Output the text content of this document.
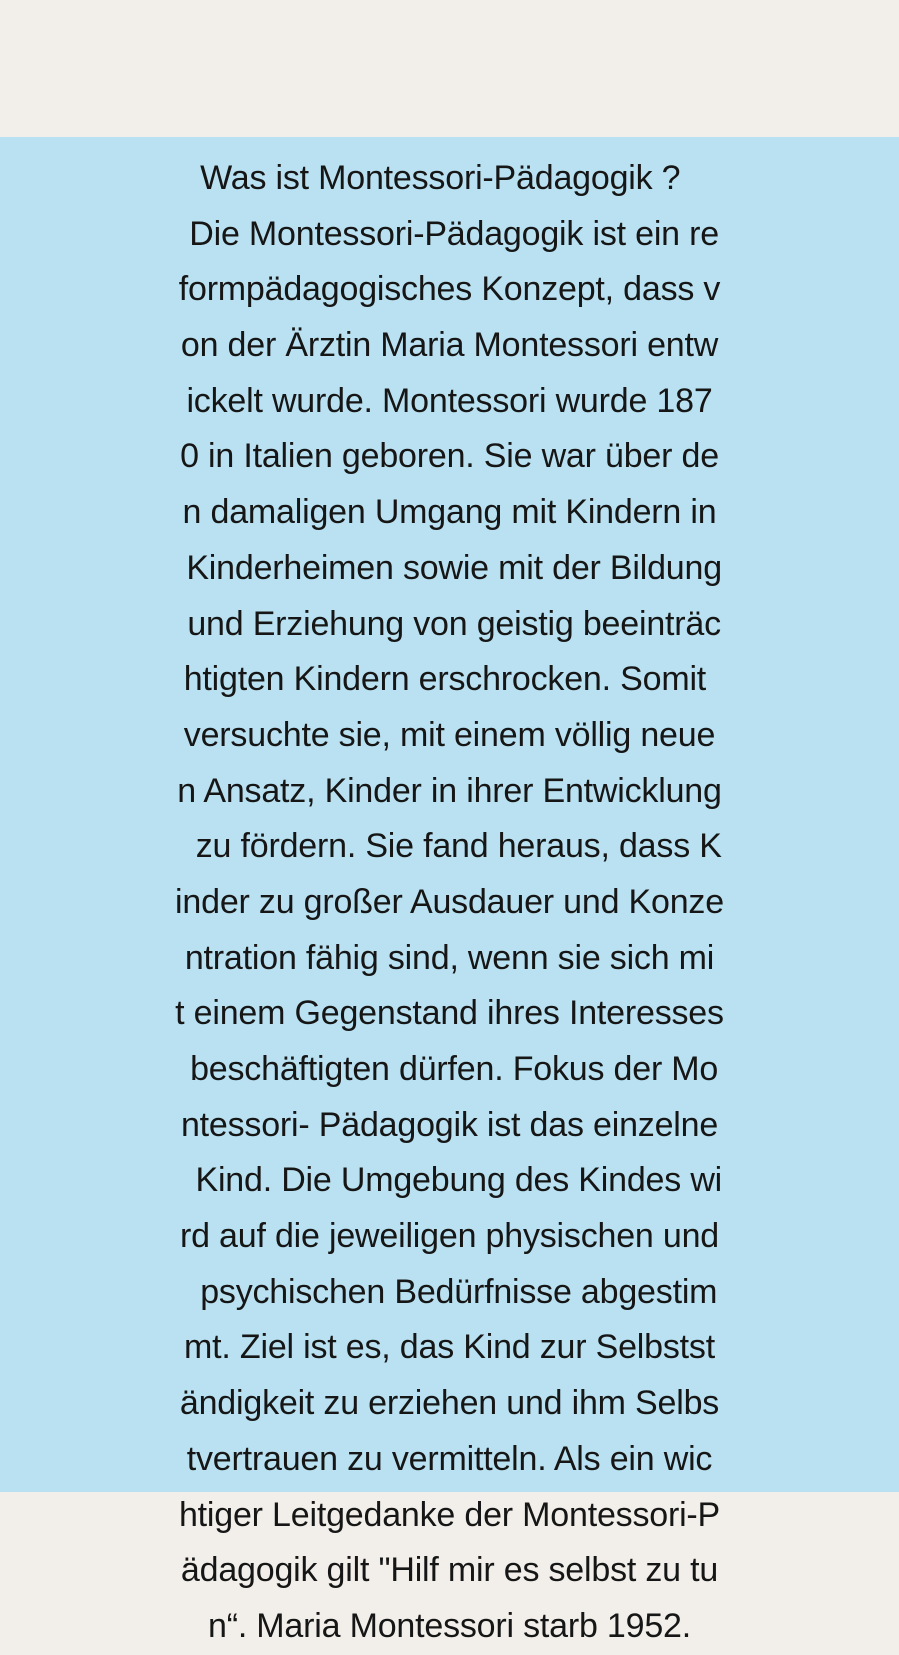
Was ist Montessori-Pädagogik ?
Die Montessori-Pädagogik ist ein re
formpädagogisches Konzept, dass v
on der Ärztin Maria Montessori entw
ickelt wurde. Montessori wurde 187
0 in Italien geboren. Sie war über de
n damaligen Umgang mit Kindern in
Kinderheimen sowie mit der Bildung
und Erziehung von geistig beeinträc
htigten Kindern erschrocken. Somit
versuchte sie, mit einem völlig neue
n Ansatz, Kinder in ihrer Entwicklung
zu fördern. Sie fand heraus, dass K
inder zu großer Ausdauer und Konze
ntration fähig sind, wenn sie sich mi
t einem Gegenstand ihres Interesses
beschäftigten dürfen. Fokus der Mo
ntessori- Pädagogik ist das einzelne
Kind. Die Umgebung des Kindes wi
rd auf die jeweiligen physischen und
psychischen Bedürfnisse abgestim
mt. Ziel ist es, das Kind zur Selbstst
ändigkeit zu erziehen und ihm Selbs
tvertrauen zu vermitteln. Als ein wic
htiger Leitgedanke der Montessori-P
ädagogik gilt "Hilf mir es selbst zu tu
n“. Maria Montessori starb 1952.
